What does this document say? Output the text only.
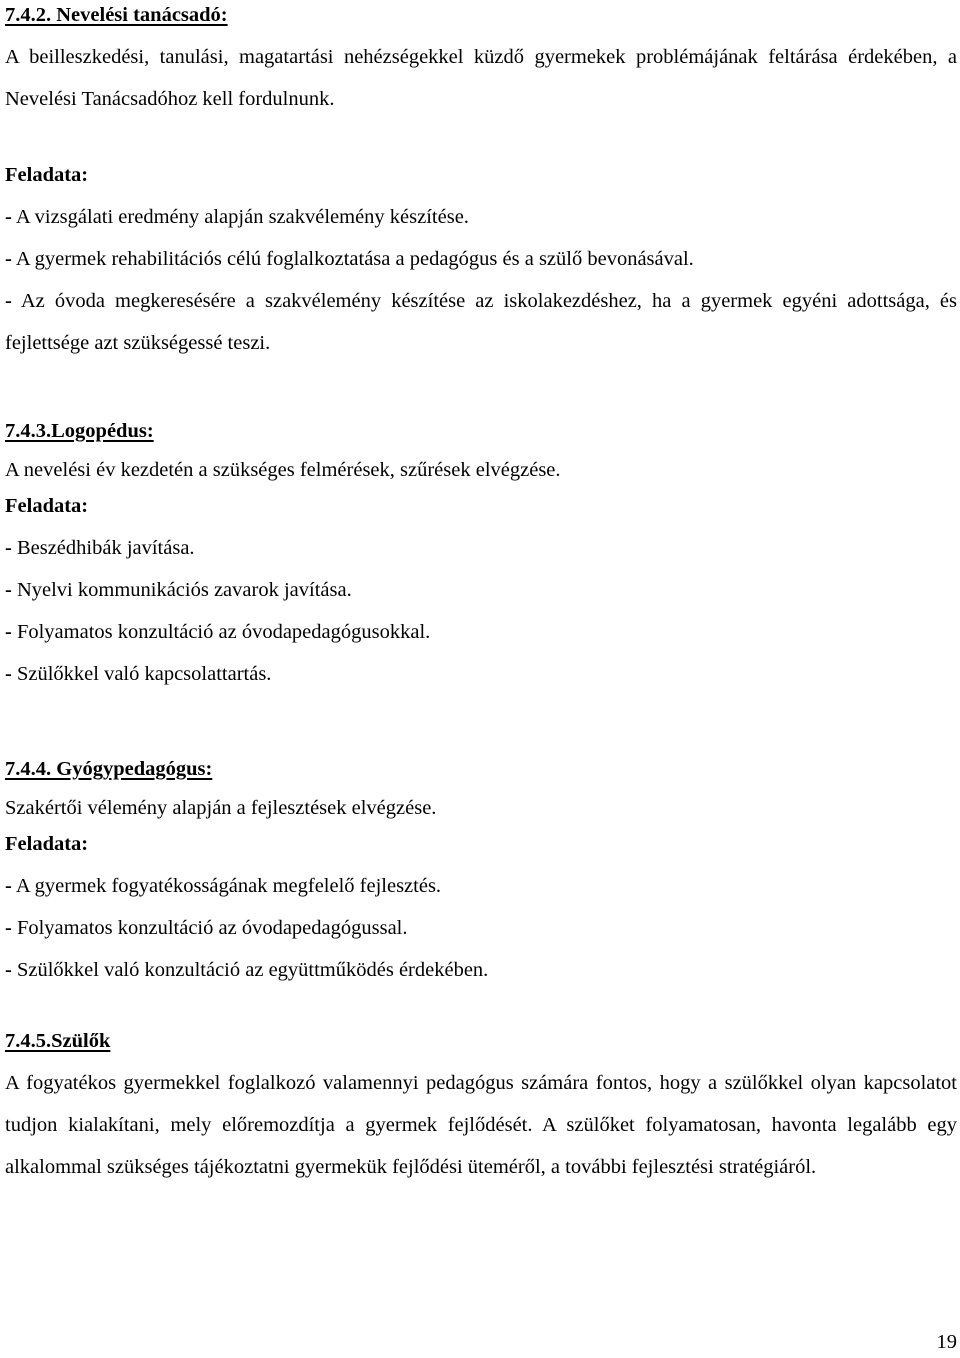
7.4.2. Nevelési tanácsadó:
A beilleszkedési, tanulási, magatartási nehézségekkel küzdő gyermekek problémájának feltárása érdekében, a Nevelési Tanácsadóhoz kell fordulnunk.
Feladata:
- A vizsgálati eredmény alapján szakvélemény készítése.
- A gyermek rehabilitációs célú foglalkoztatása a pedagógus és a szülő bevonásával.
- Az óvoda megkeresésére a szakvélemény készítése az iskolakezdéshez, ha a gyermek egyéni adottsága, és fejlettsége azt szükségessé teszi.
7.4.3.Logopédus:
A nevelési év kezdetén a szükséges felmérések, szűrések elvégzése.
Feladata:
- Beszédhibák javítása.
- Nyelvi kommunikációs zavarok javítása.
- Folyamatos konzultáció az óvodapedagógusokkal.
- Szülőkkel való kapcsolattartás.
7.4.4. Gyógypedagógus:
Szakértői vélemény alapján a fejlesztések elvégzése.
Feladata:
- A gyermek fogyatékosságának megfelelő fejlesztés.
- Folyamatos konzultáció az óvodapedagógussal.
- Szülőkkel való konzultáció az együttműködés érdekében.
7.4.5.Szülők
A fogyatékos gyermekkel foglalkozó valamennyi pedagógus számára fontos, hogy a szülőkkel olyan kapcsolatot tudjon kialakítani, mely előremozdítja a gyermek fejlődését. A szülőket folyamatosan, havonta legalább egy alkalommal szükséges tájékoztatni gyermekük fejlődési üteméről, a további fejlesztési stratégiáról.
19
